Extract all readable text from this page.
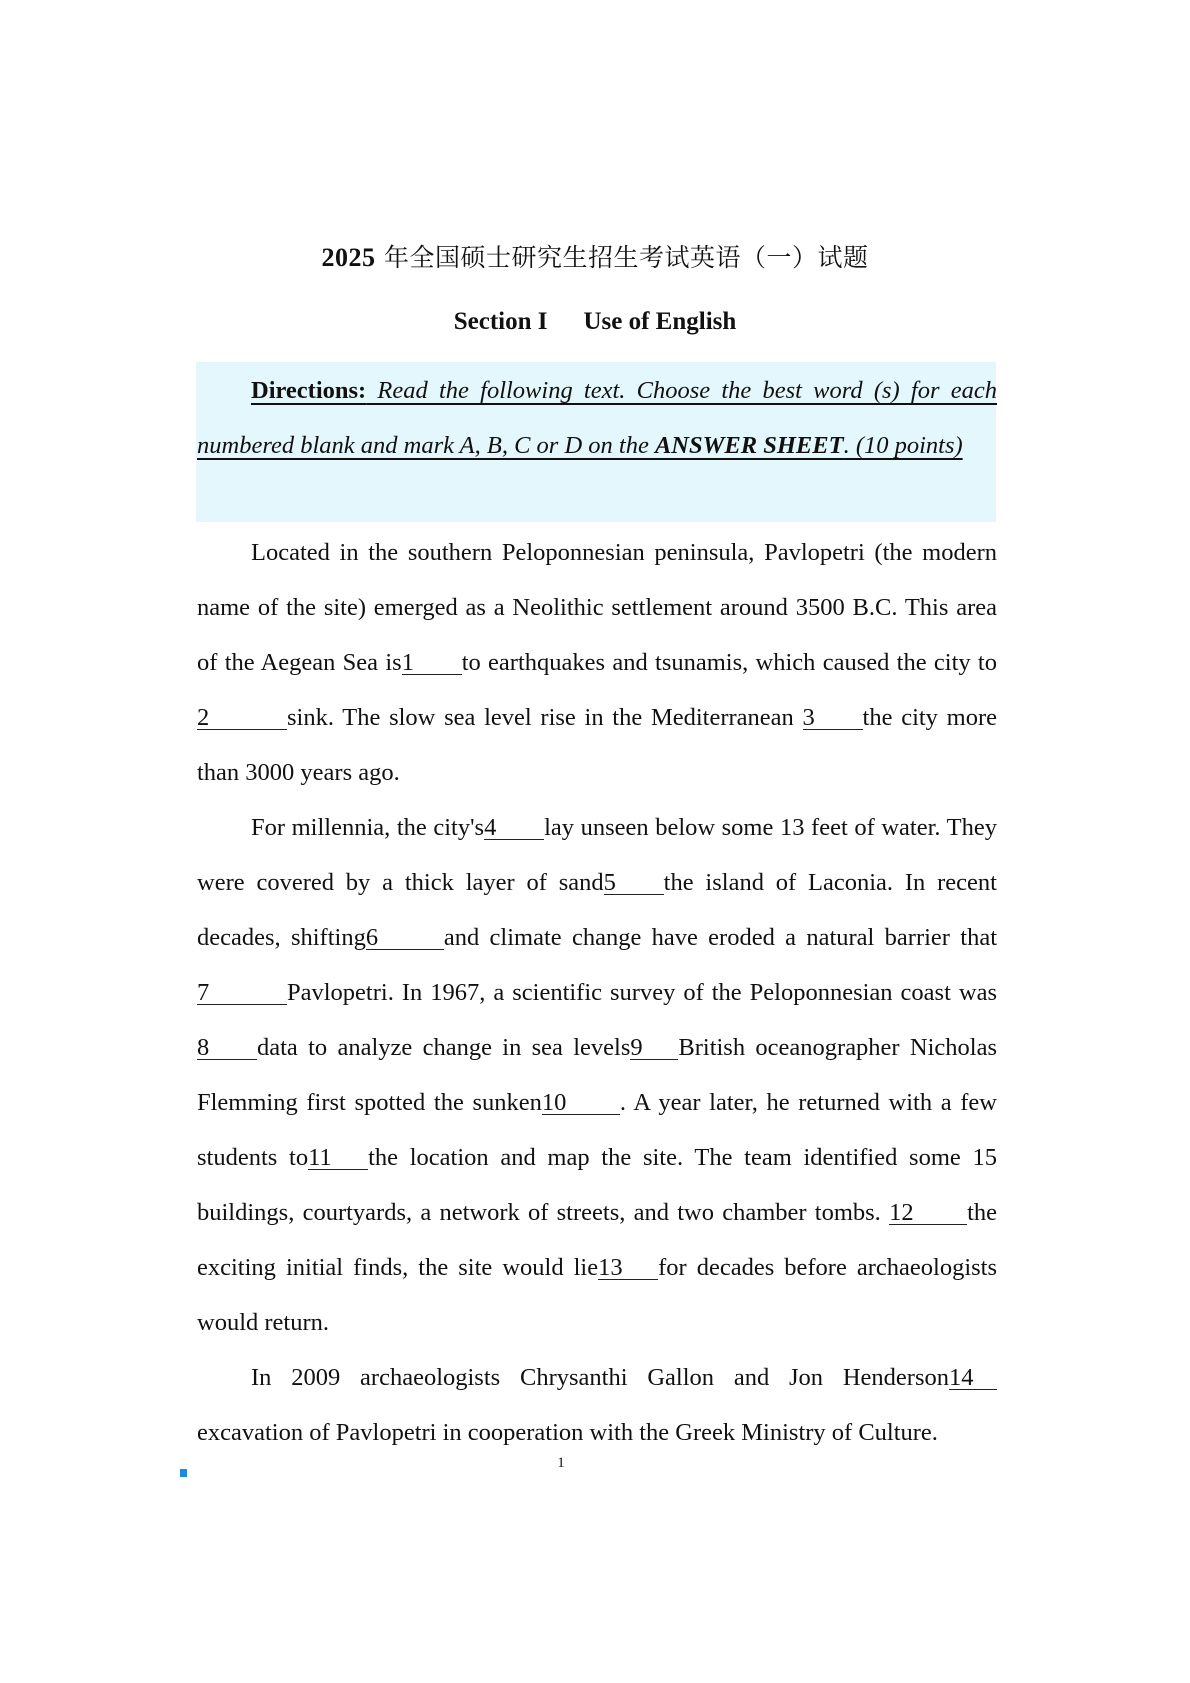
2025 年全国硕士研究生招生考试英语（一）试题
Section I Use of English
Directions: Read the following text. Choose the best word (s) for each numbered blank and mark A, B, C or D on the ANSWER SHEET. (10 points)

Located in the southern Peloponnesian peninsula, Pavlopetri (the modern name of the site) emerged as a Neolithic settlement around 3500 B.C. This area of the Aegean Sea is1 to earthquakes and tsunamis, which caused the city to2	sink. The slow sea level rise in the Mediterranean 3 the city more than 3000 years ago.

For millennia, the city's4 lay unseen below some 13 feet of water. They were covered by a thick layer of sand5 the island of Laconia. In recent decades, shifting6	and climate change have eroded a natural barrier that7	Pavlopetri. In 1967, a scientific survey of the Peloponnesian coast was8 data to analyze change in sea levels9 British oceanographer Nicholas Flemming first spotted the sunken10 . A year later, he returned with a few students to11 the location and map the site. The team identified some 15 buildings, courtyards, a network of streets, and two chamber tombs. 12 the exciting initial finds, the site would lie13 for decades before archaeologists would return.

In 2009 archaeologists Chrysanthi Gallon and Jon Henderson14 excavation of Pavlopetri in cooperation with the Greek Ministry of Culture.

1
